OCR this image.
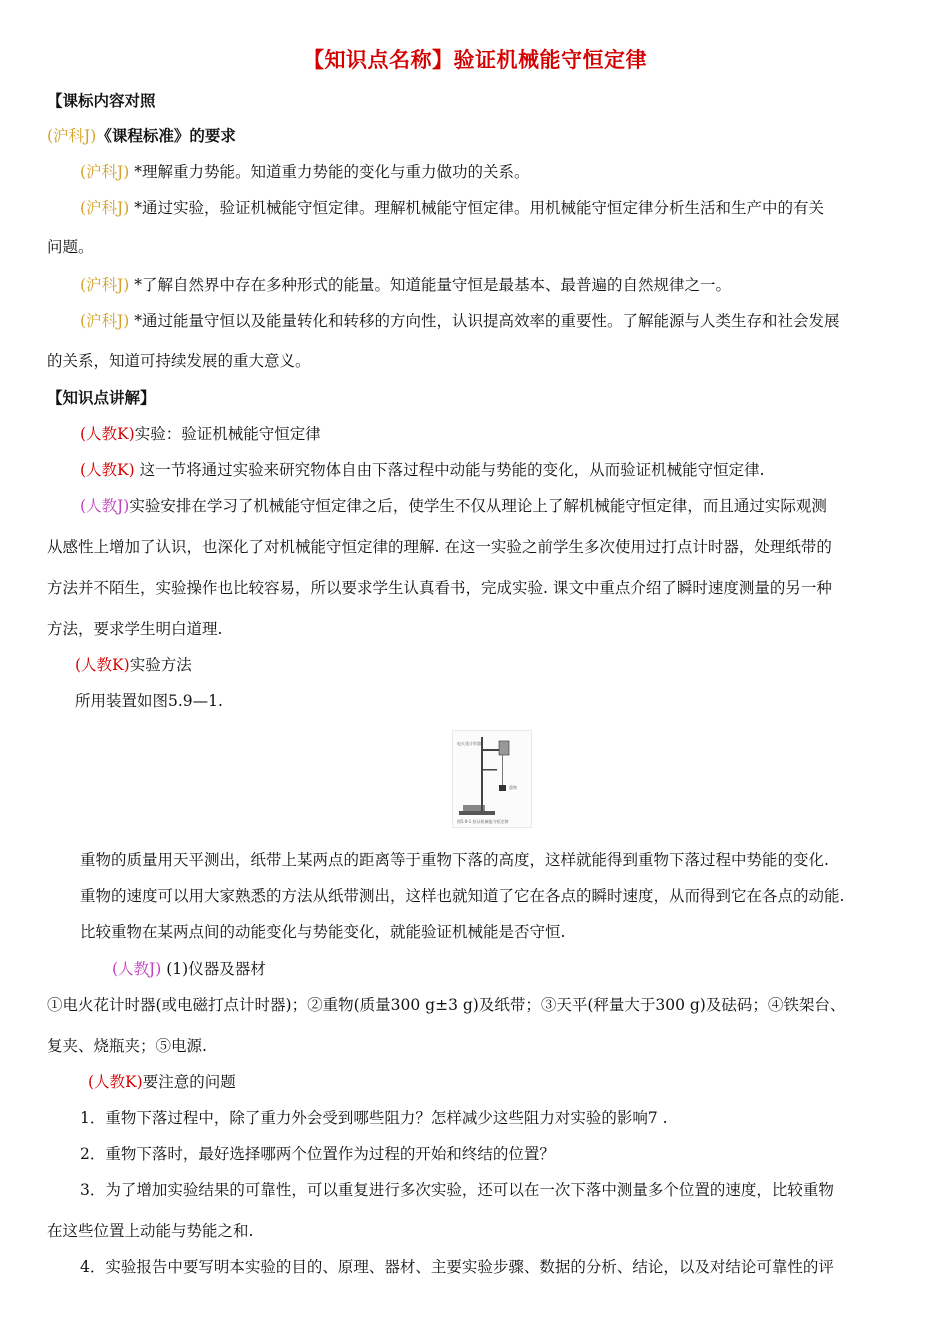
【知识点名称】验证机械能守恒定律
【课标内容对照
(沪科J)《课程标准》的要求
(沪科J) *理解重力势能。知道重力势能的变化与重力做功的关系。
(沪科J) *通过实验，验证机械能守恒定律。理解机械能守恒定律。用机械能守恒定律分析生活和生产中的有关
问题。
(沪科J) *了解自然界中存在多种形式的能量。知道能量守恒是最基本、最普遍的自然规律之一。
(沪科J) *通过能量守恒以及能量转化和转移的方向性，认识提高效率的重要性。了解能源与人类生存和社会发展
的关系，知道可持续发展的重大意义。
【知识点讲解】
(人教K)实验：验证机械能守恒定律
(人教K) 这一节将通过实验来研究物体自由下落过程中动能与势能的变化，从而验证机械能守恒定律.
(人教J)实验安排在学习了机械能守恒定律之后，使学生不仅从理论上了解机械能守恒定律，而且通过实际观测
从感性上增加了认识，也深化了对机械能守恒定律的理解. 在这一实验之前学生多次使用过打点计时器，处理纸带的
方法并不陌生，实验操作也比较容易，所以要求学生认真看书，完成实验. 课文中重点介绍了瞬时速度测量的另一种
方法，要求学生明白道理.
(人教K)实验方法
所用装置如图5.9—1.
电火花计时器
重物
图5.9-1 验证机械能守恒定律
重物的质量用天平测出，纸带上某两点的距离等于重物下落的高度，这样就能得到重物下落过程中势能的变化.
重物的速度可以用大家熟悉的方法从纸带测出，这样也就知道了它在各点的瞬时速度，从而得到它在各点的动能.
比较重物在某两点间的动能变化与势能变化，就能验证机械能是否守恒.
(人教J) (1)仪器及器材
①电火花计时器(或电磁打点计时器)；②重物(质量300 g±3 g)及纸带；③天平(秤量大于300 g)及砝码；④铁架台、
复夹、烧瓶夹；⑤电源.
(人教K)要注意的问题
1．重物下落过程中，除了重力外会受到哪些阻力？怎样减少这些阻力对实验的影响7 .
2．重物下落时，最好选择哪两个位置作为过程的开始和终结的位置？
3．为了增加实验结果的可靠性，可以重复进行多次实验，还可以在一次下落中测量多个位置的速度，比较重物
在这些位置上动能与势能之和.
4．实验报告中要写明本实验的目的、原理、器材、主要实验步骤、数据的分析、结论，以及对结论可靠性的评
